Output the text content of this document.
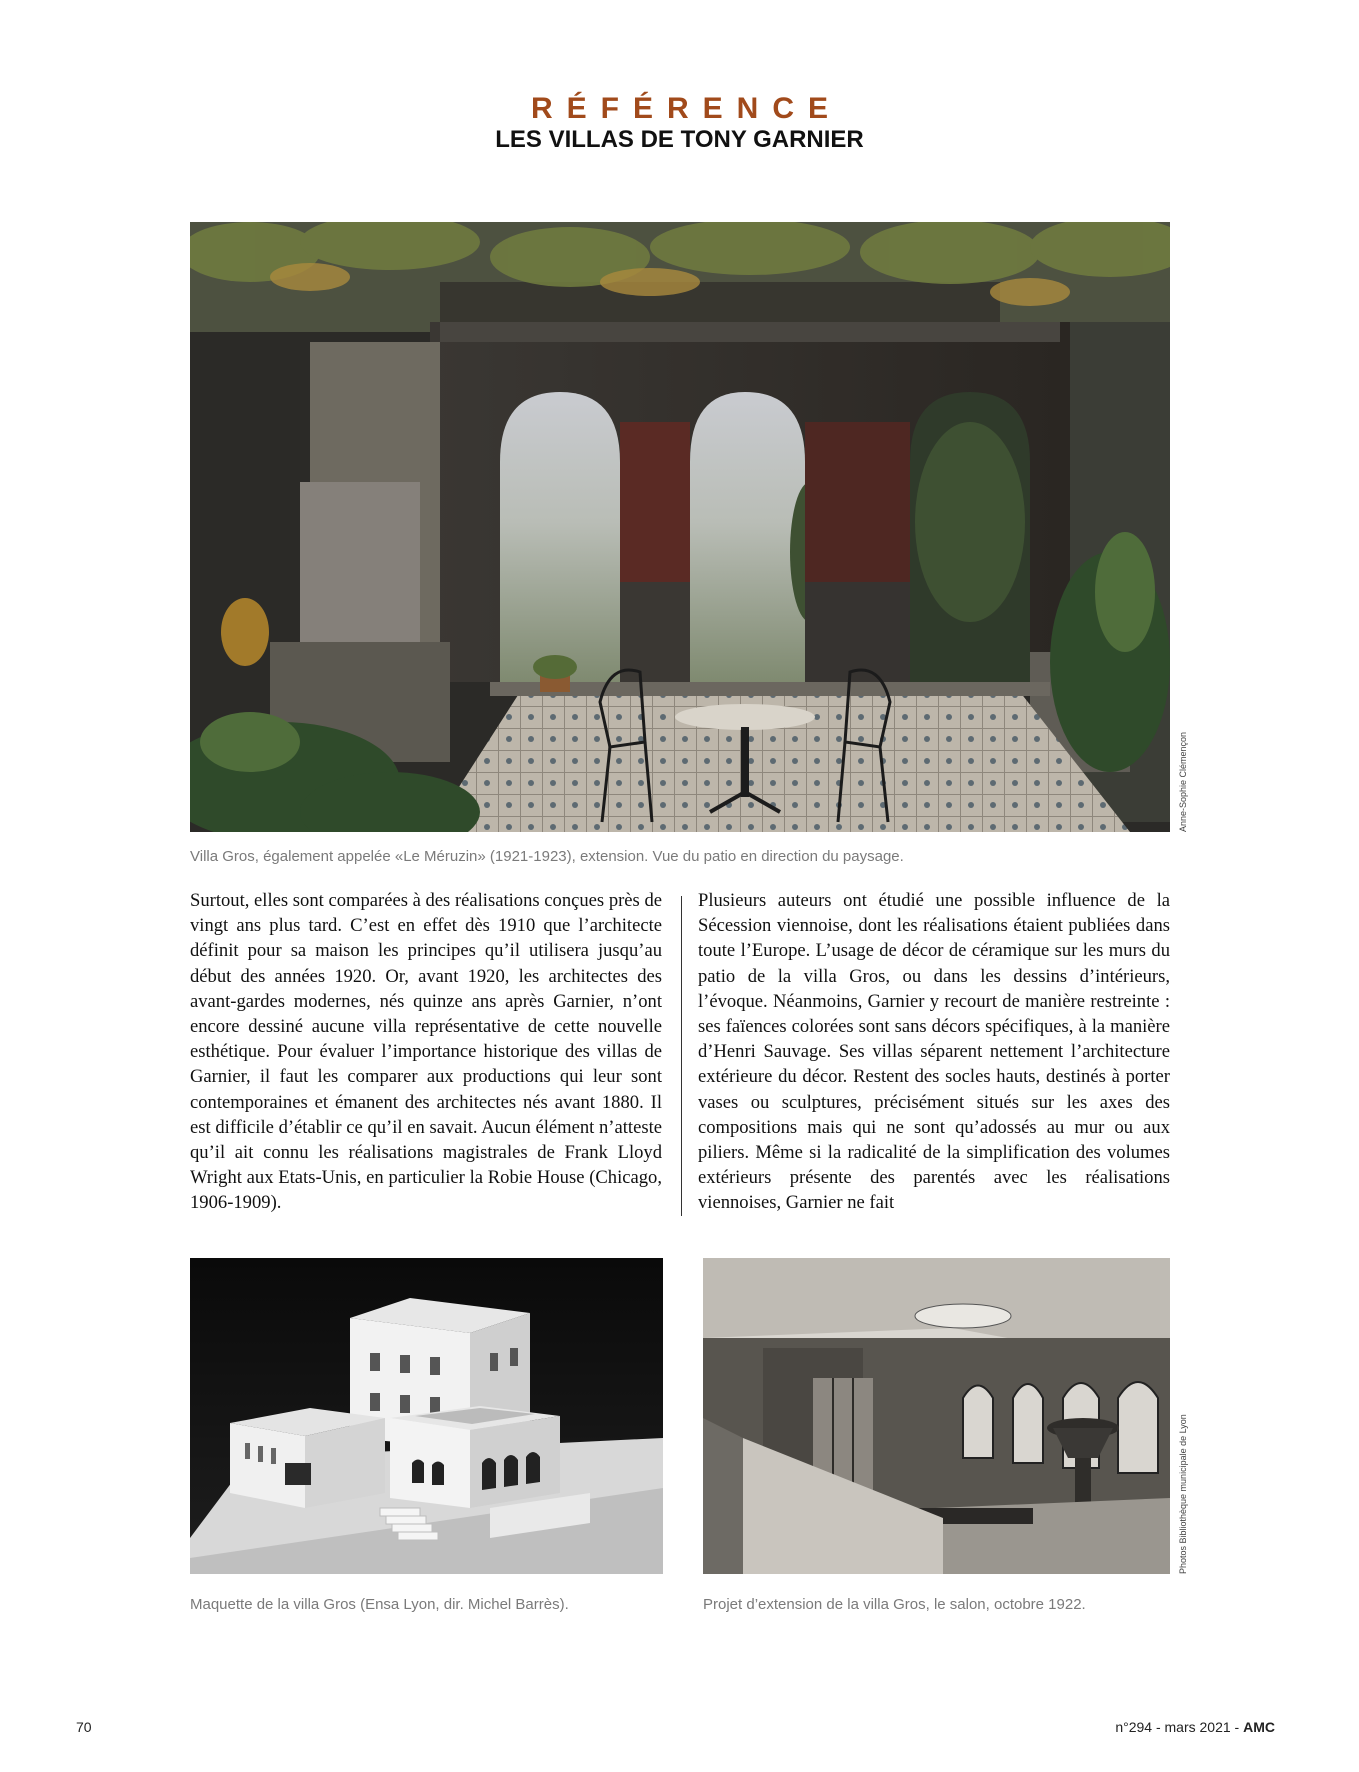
RÉFÉRENCE
LES VILLAS DE TONY GARNIER
Anne-Sophie Clémençon
Villa Gros, également appelée «Le Méruzin» (1921-1923), extension. Vue du patio en direction du paysage.

Surtout, elles sont comparées à des réalisations conçues près de vingt ans plus tard. C’est en effet dès 1910 que l’architecte définit pour sa maison les principes qu’il utilisera jusqu’au début des années 1920. Or, avant 1920, les architectes des avant-gardes modernes, nés quinze ans après Garnier, n’ont encore dessiné aucune villa représentative de cette nouvelle esthétique. Pour évaluer l’importance historique des villas de Garnier, il faut les comparer aux productions qui leur sont contemporaines et émanent des architectes nés avant 1880. Il est difficile d’établir ce qu’il en savait. Aucun élément n’atteste qu’il ait connu les réalisations magistrales de Frank Lloyd Wright aux Etats-Unis, en particulier la Robie House (Chicago, 1906-1909).

Plusieurs auteurs ont étudié une possible influence de la Sécession viennoise, dont les réalisations étaient publiées dans toute l’Europe. L’usage de décor de céramique sur les murs du patio de la villa Gros, ou dans les dessins d’intérieurs, l’évoque. Néanmoins, Garnier y recourt de manière restreinte : ses faïences colorées sont sans décors spécifiques, à la manière d’Henri Sauvage. Ses villas séparent nettement l’architecture extérieure du décor. Restent des socles hauts, destinés à porter vases ou sculptures, précisément situés sur les axes des compositions mais qui ne sont qu’adossés au mur ou aux piliers. Même si la radicalité de la simplification des volumes extérieurs présente des parentés avec les réalisations viennoises, Garnier ne fait

Maquette de la villa Gros (Ensa Lyon, dir. Michel Barrès).
Photos Bibliothèque municipale de Lyon
Projet d’extension de la villa Gros, le salon, octobre 1922.
70	n°294 - mars 2021 - AMC
